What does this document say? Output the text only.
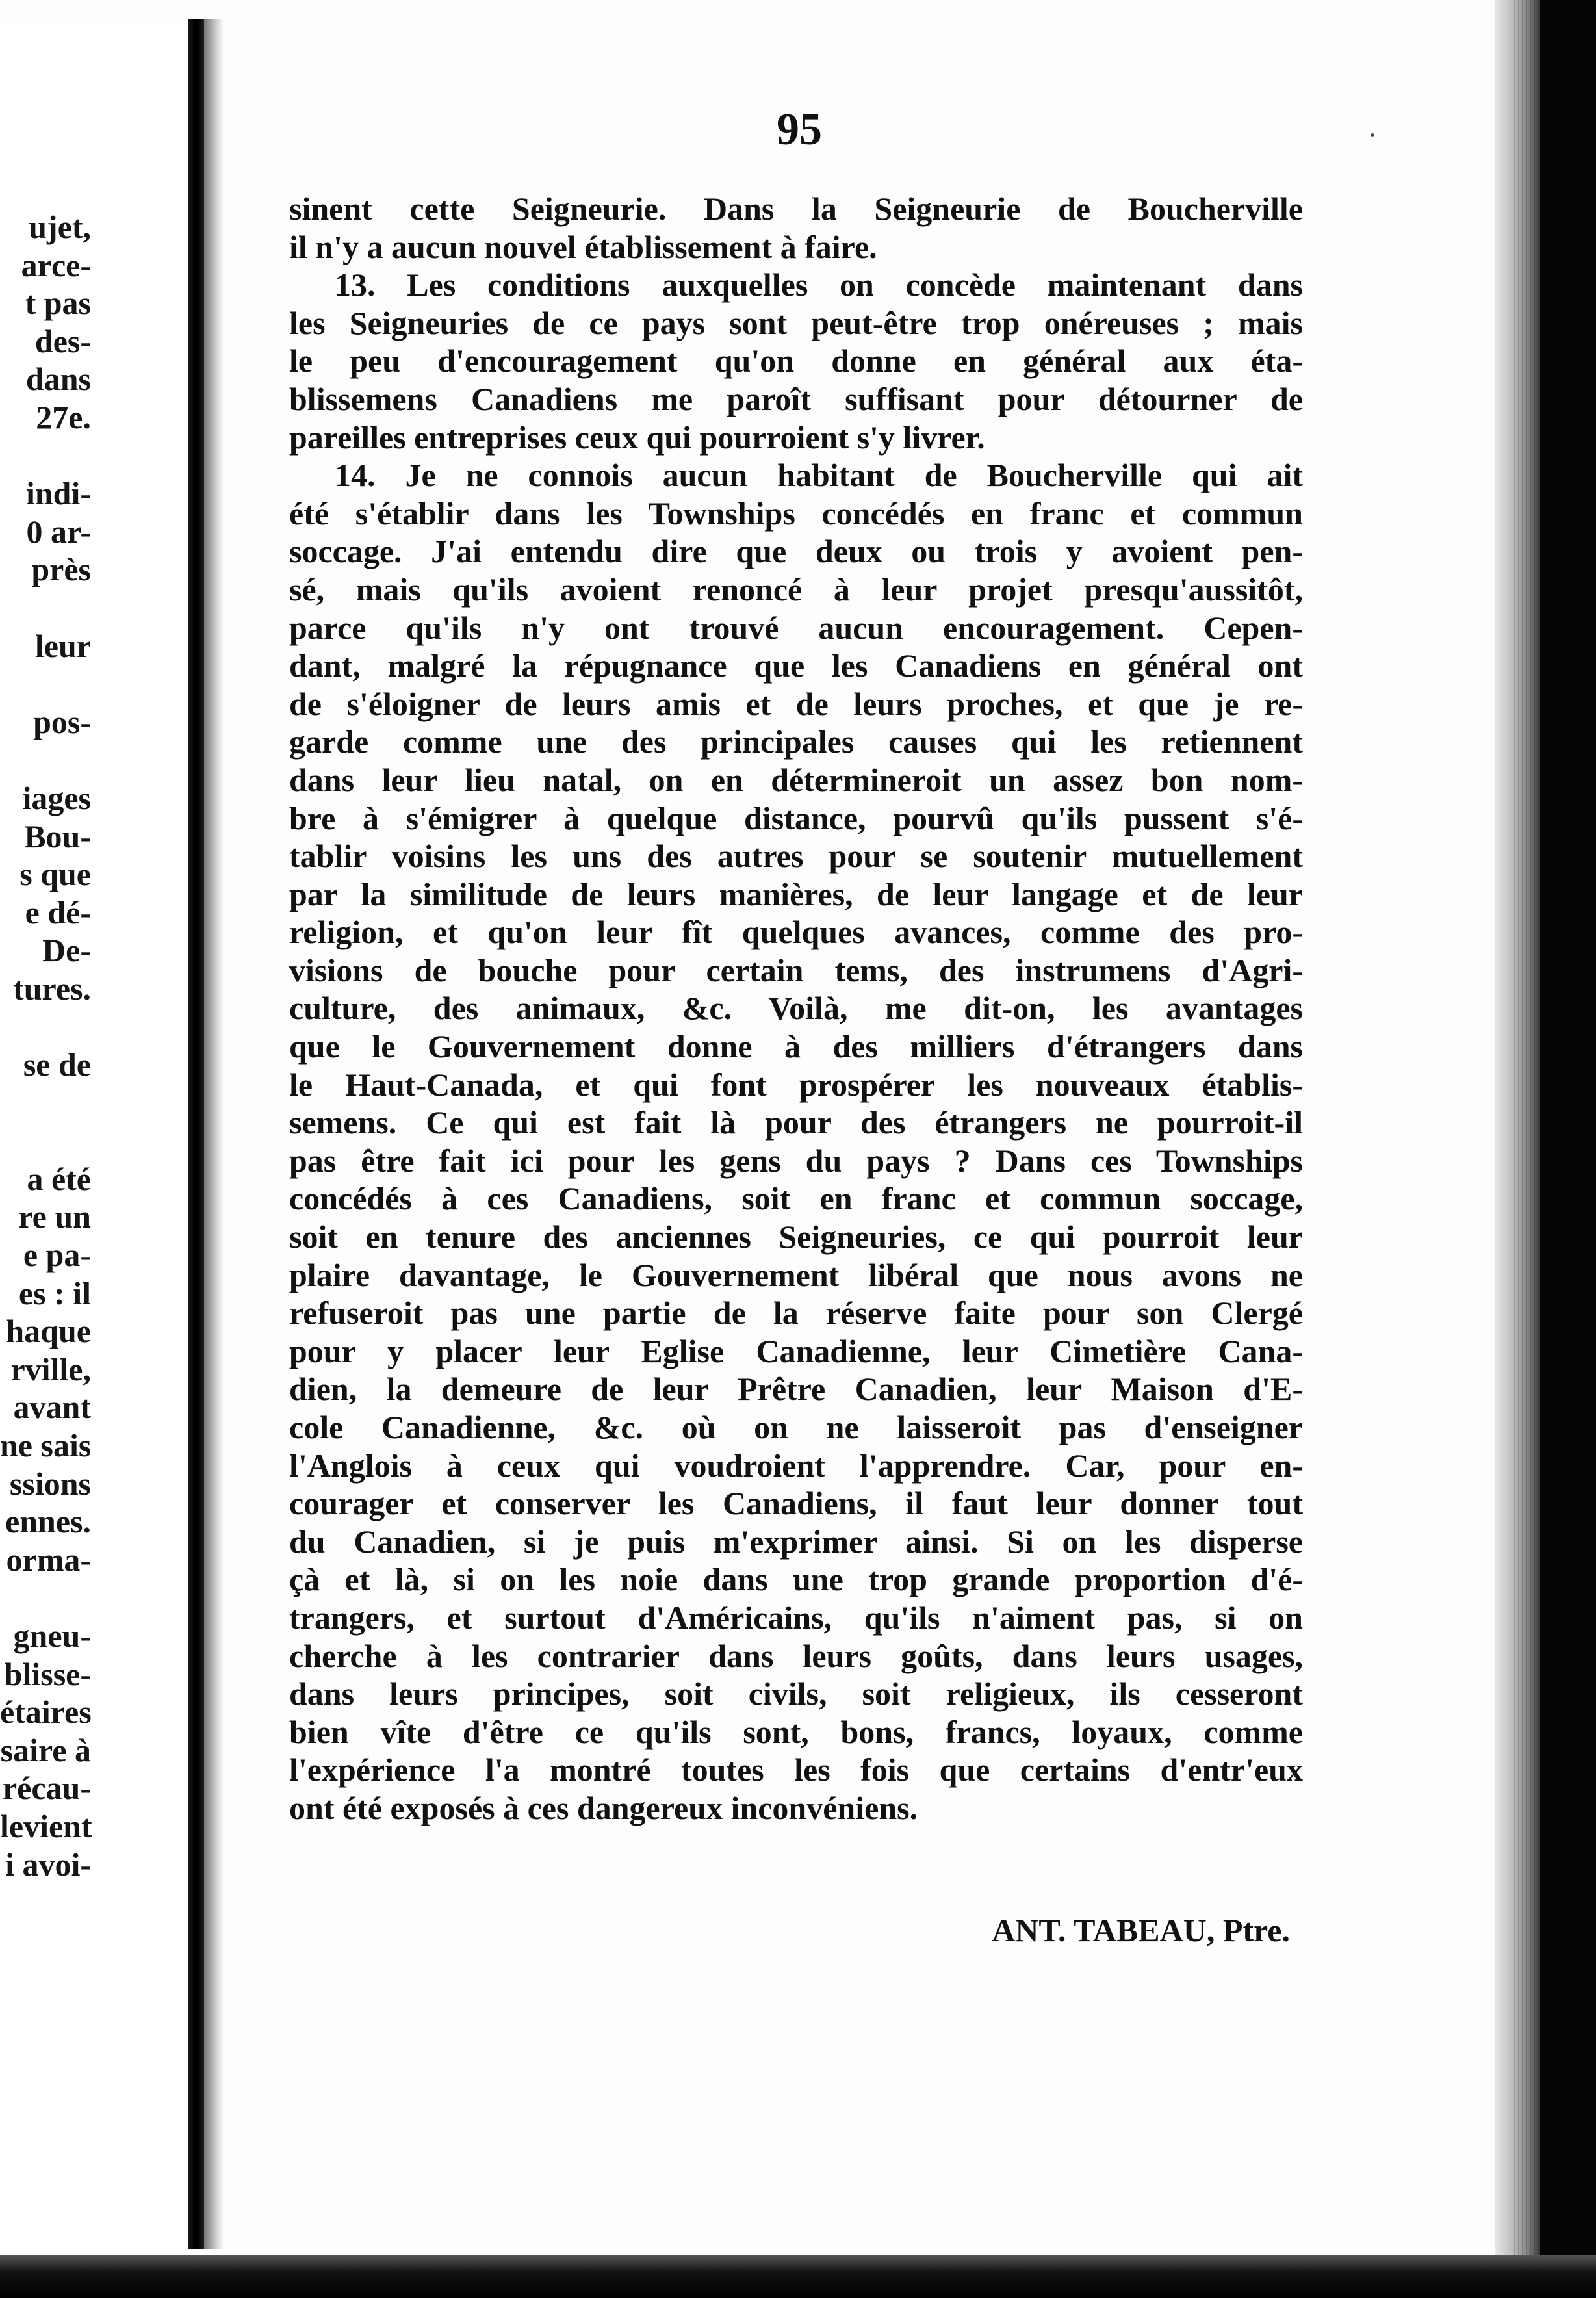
ujet,
arce-
t pas
des-
dans
27e.
indi-
0 ar-
près
leur
pos-
iages
Bou-
s que
e dé-
De-
tures.
se de
a été
re un
e pa-
es : il
haque
rville,
avant
ne sais
ssions
ennes.
orma-
gneu-
blisse-
étaires
saire à
récau-
levient
i avoi-
95
sinent cette Seigneurie. Dans la Seigneurie de Boucherville
il n'y a aucun nouvel établissement à faire.
13. Les conditions auxquelles on concède maintenant dans
les Seigneuries de ce pays sont peut-être trop onéreuses ; mais
le peu d'encouragement qu'on donne en général aux éta-
blissemens Canadiens me paroît suffisant pour détourner de
pareilles entreprises ceux qui pourroient s'y livrer.
14. Je ne connois aucun habitant de Boucherville qui ait
été s'établir dans les Townships concédés en franc et commun
soccage. J'ai entendu dire que deux ou trois y avoient pen-
sé, mais qu'ils avoient renoncé à leur projet presqu'aussitôt,
parce qu'ils n'y ont trouvé aucun encouragement. Cepen-
dant, malgré la répugnance que les Canadiens en général ont
de s'éloigner de leurs amis et de leurs proches, et que je re-
garde comme une des principales causes qui les retiennent
dans leur lieu natal, on en détermineroit un assez bon nom-
bre à s'émigrer à quelque distance, pourvû qu'ils pussent s'é-
tablir voisins les uns des autres pour se soutenir mutuellement
par la similitude de leurs manières, de leur langage et de leur
religion, et qu'on leur fît quelques avances, comme des pro-
visions de bouche pour certain tems, des instrumens d'Agri-
culture, des animaux, &c. Voilà, me dit-on, les avantages
que le Gouvernement donne à des milliers d'étrangers dans
le Haut-Canada, et qui font prospérer les nouveaux établis-
semens. Ce qui est fait là pour des étrangers ne pourroit-il
pas être fait ici pour les gens du pays ? Dans ces Townships
concédés à ces Canadiens, soit en franc et commun soccage,
soit en tenure des anciennes Seigneuries, ce qui pourroit leur
plaire davantage, le Gouvernement libéral que nous avons ne
refuseroit pas une partie de la réserve faite pour son Clergé
pour y placer leur Eglise Canadienne, leur Cimetière Cana-
dien, la demeure de leur Prêtre Canadien, leur Maison d'E-
cole Canadienne, &c. où on ne laisseroit pas d'enseigner
l'Anglois à ceux qui voudroient l'apprendre. Car, pour en-
courager et conserver les Canadiens, il faut leur donner tout
du Canadien, si je puis m'exprimer ainsi. Si on les disperse
çà et là, si on les noie dans une trop grande proportion d'é-
trangers, et surtout d'Américains, qu'ils n'aiment pas, si on
cherche à les contrarier dans leurs goûts, dans leurs usages,
dans leurs principes, soit civils, soit religieux, ils cesseront
bien vîte d'être ce qu'ils sont, bons, francs, loyaux, comme
l'expérience l'a montré toutes les fois que certains d'entr'eux
ont été exposés à ces dangereux inconvéniens.
ANT. TABEAU, Ptre.
